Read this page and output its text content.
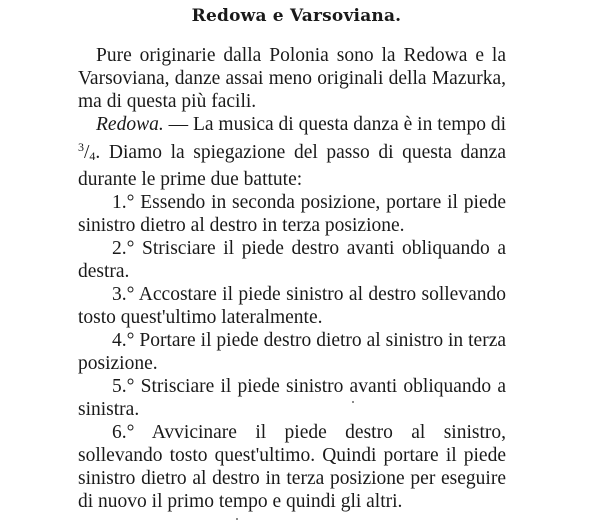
Redowa e Varsoviana.

Pure originarie dalla Polonia sono la Redowa e la Varsoviana, danze assai meno originali della Mazurka, ma di questa più facili.

Redowa. — La musica di questa danza è in tempo di $^3/_4$. Diamo la spiegazione del passo di questa danza durante le prime due battute:

1.° Essendo in seconda posizione, portare il piede sinistro dietro al destro in terza posizione.

2.° Strisciare il piede destro avanti obliquando a destra.

3.° Accostare il piede sinistro al destro sollevando tosto quest'ultimo lateralmente.

4.° Portare il piede destro dietro al sinistro in terza posizione.

5.° Strisciare il piede sinistro avanti obliquando a sinistra.

6.° Avvicinare il piede destro al sinistro, sollevando tosto quest'ultimo. Quindi portare il piede sinistro dietro al destro in terza posizione per eseguire di nuovo il primo tempo e quindi gli altri.
